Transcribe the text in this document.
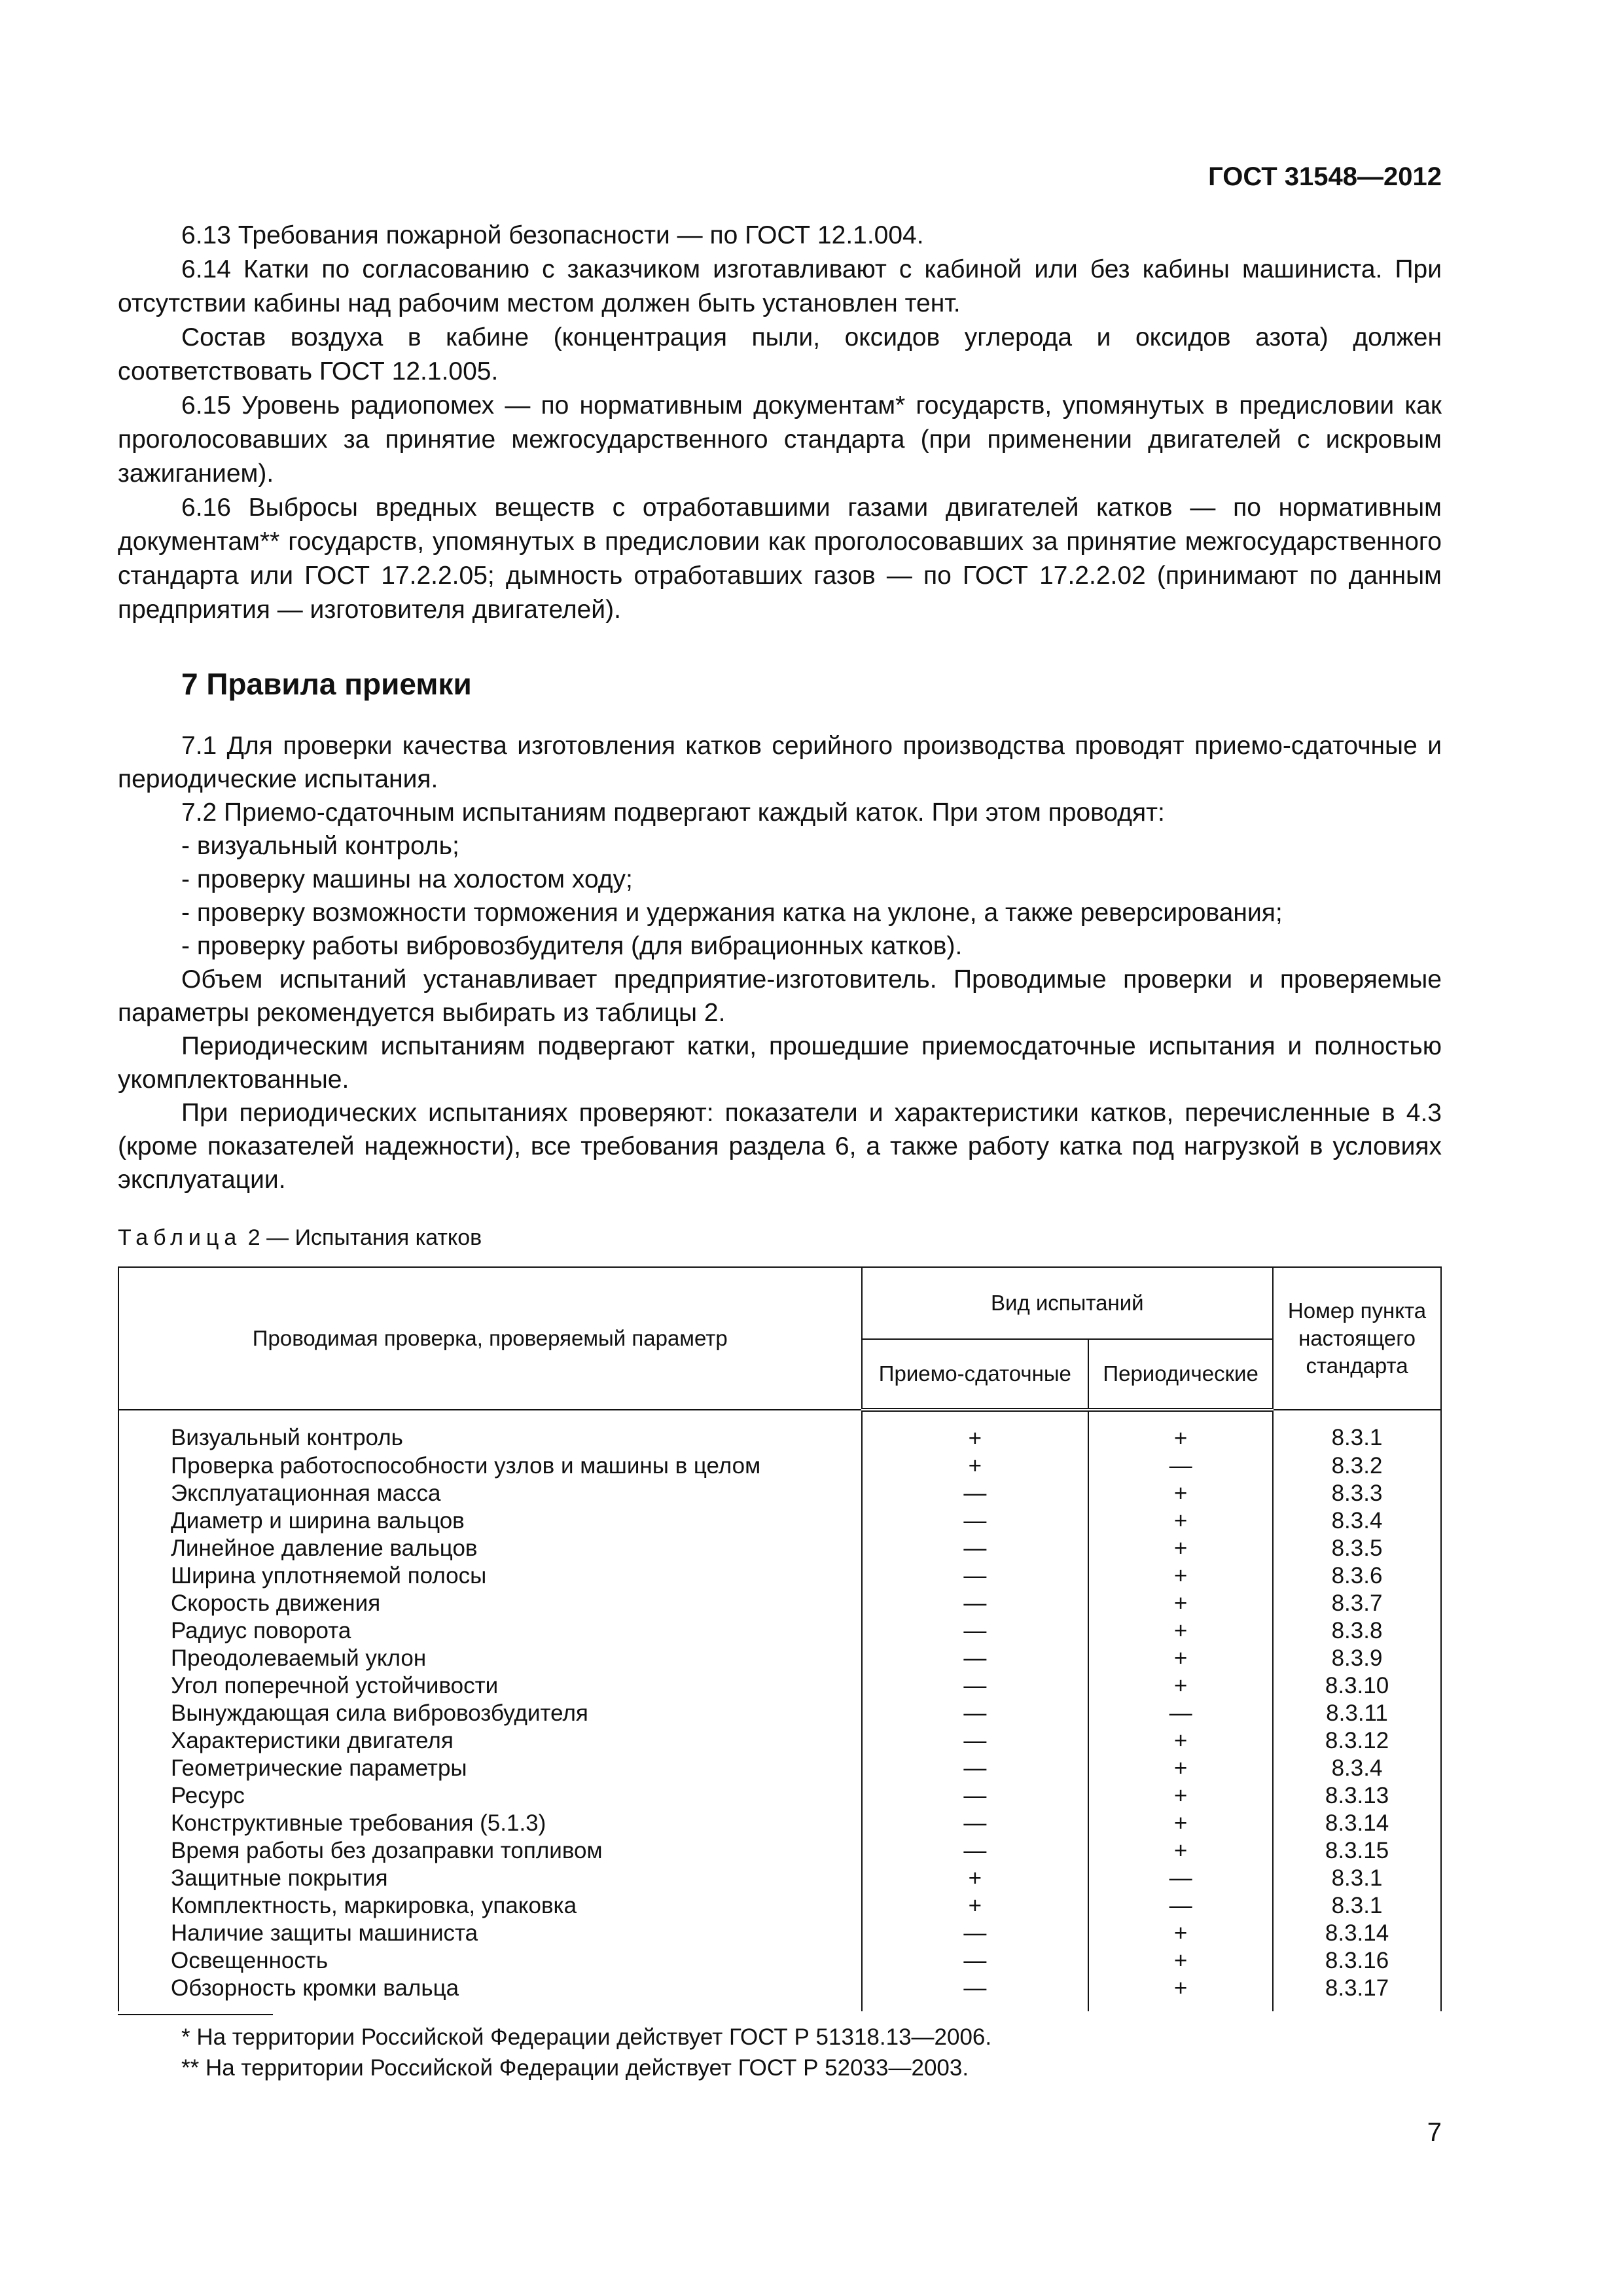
ГОСТ 31548—2012

6.13 Требования пожарной безопасности — по ГОСТ 12.1.004.

6.14 Катки по согласованию с заказчиком изготавливают с кабиной или без кабины машиниста. При отсутствии кабины над рабочим местом должен быть установлен тент.

Состав воздуха в кабине (концентрация пыли, оксидов углерода и оксидов азота) должен соответствовать ГОСТ 12.1.005.

6.15 Уровень радиопомех — по нормативным документам* государств, упомянутых в предисловии как проголосовавших за принятие межгосударственного стандарта (при применении двигателей с искровым зажиганием).

6.16 Выбросы вредных веществ с отработавшими газами двигателей катков — по нормативным документам** государств, упомянутых в предисловии как проголосовавших за принятие межгосударственного стандарта или ГОСТ 17.2.2.05; дымность отработавших газов — по ГОСТ 17.2.2.02 (принимают по данным предприятия — изготовителя двигателей).

7 Правила приемки

7.1 Для проверки качества изготовления катков серийного производства проводят приемо-сдаточные и периодические испытания.

7.2 Приемо-сдаточным испытаниям подвергают каждый каток. При этом проводят:

- визуальный контроль;

- проверку машины на холостом ходу;

- проверку возможности торможения и удержания катка на уклоне, а также реверсирования;

- проверку работы вибровозбудителя (для вибрационных катков).

Объем испытаний устанавливает предприятие-изготовитель. Проводимые проверки и проверяемые параметры рекомендуется выбирать из таблицы 2.

Периодическим испытаниям подвергают катки, прошедшие приемосдаточные испытания и полностью укомплектованные.

При периодических испытаниях проверяют: показатели и характеристики катков, перечисленные в 4.3 (кроме показателей надежности), все требования раздела 6, а также работу катка под нагрузкой в условиях эксплуатации.

Таблица 2 — Испытания катков
Проводимая проверка, проверяемый параметр	Вид испытаний		Номер пункта настоящего стандарта
	Приемо-сдаточные	Периодические	
Визуальный контроль	+	+	8.3.1
Проверка работоспособности узлов и машины в целом	+	—	8.3.2
Эксплуатационная масса	—	+	8.3.3
Диаметр и ширина вальцов	—	+	8.3.4
Линейное давление вальцов	—	+	8.3.5
Ширина уплотняемой полосы	—	+	8.3.6
Скорость движения	—	+	8.3.7
Радиус поворота	—	+	8.3.8
Преодолеваемый уклон	—	+	8.3.9
Угол поперечной устойчивости	—	+	8.3.10
Вынуждающая сила вибровозбудителя	—	—	8.3.11
Характеристики двигателя	—	+	8.3.12
Геометрические параметры	—	+	8.3.4
Ресурс	—	+	8.3.13
Конструктивные требования (5.1.3)	—	+	8.3.14
Время работы без дозаправки топливом	—	+	8.3.15
Защитные покрытия	+	—	8.3.1
Комплектность, маркировка, упаковка	+	—	8.3.1
Наличие защиты машиниста	—	+	8.3.14
Освещенность	—	+	8.3.16
Обзорность кромки вальца	—	+	8.3.17
* На территории Российской Федерации действует ГОСТ Р 51318.13—2006.
** На территории Российской Федерации действует ГОСТ Р 52033—2003.
7
